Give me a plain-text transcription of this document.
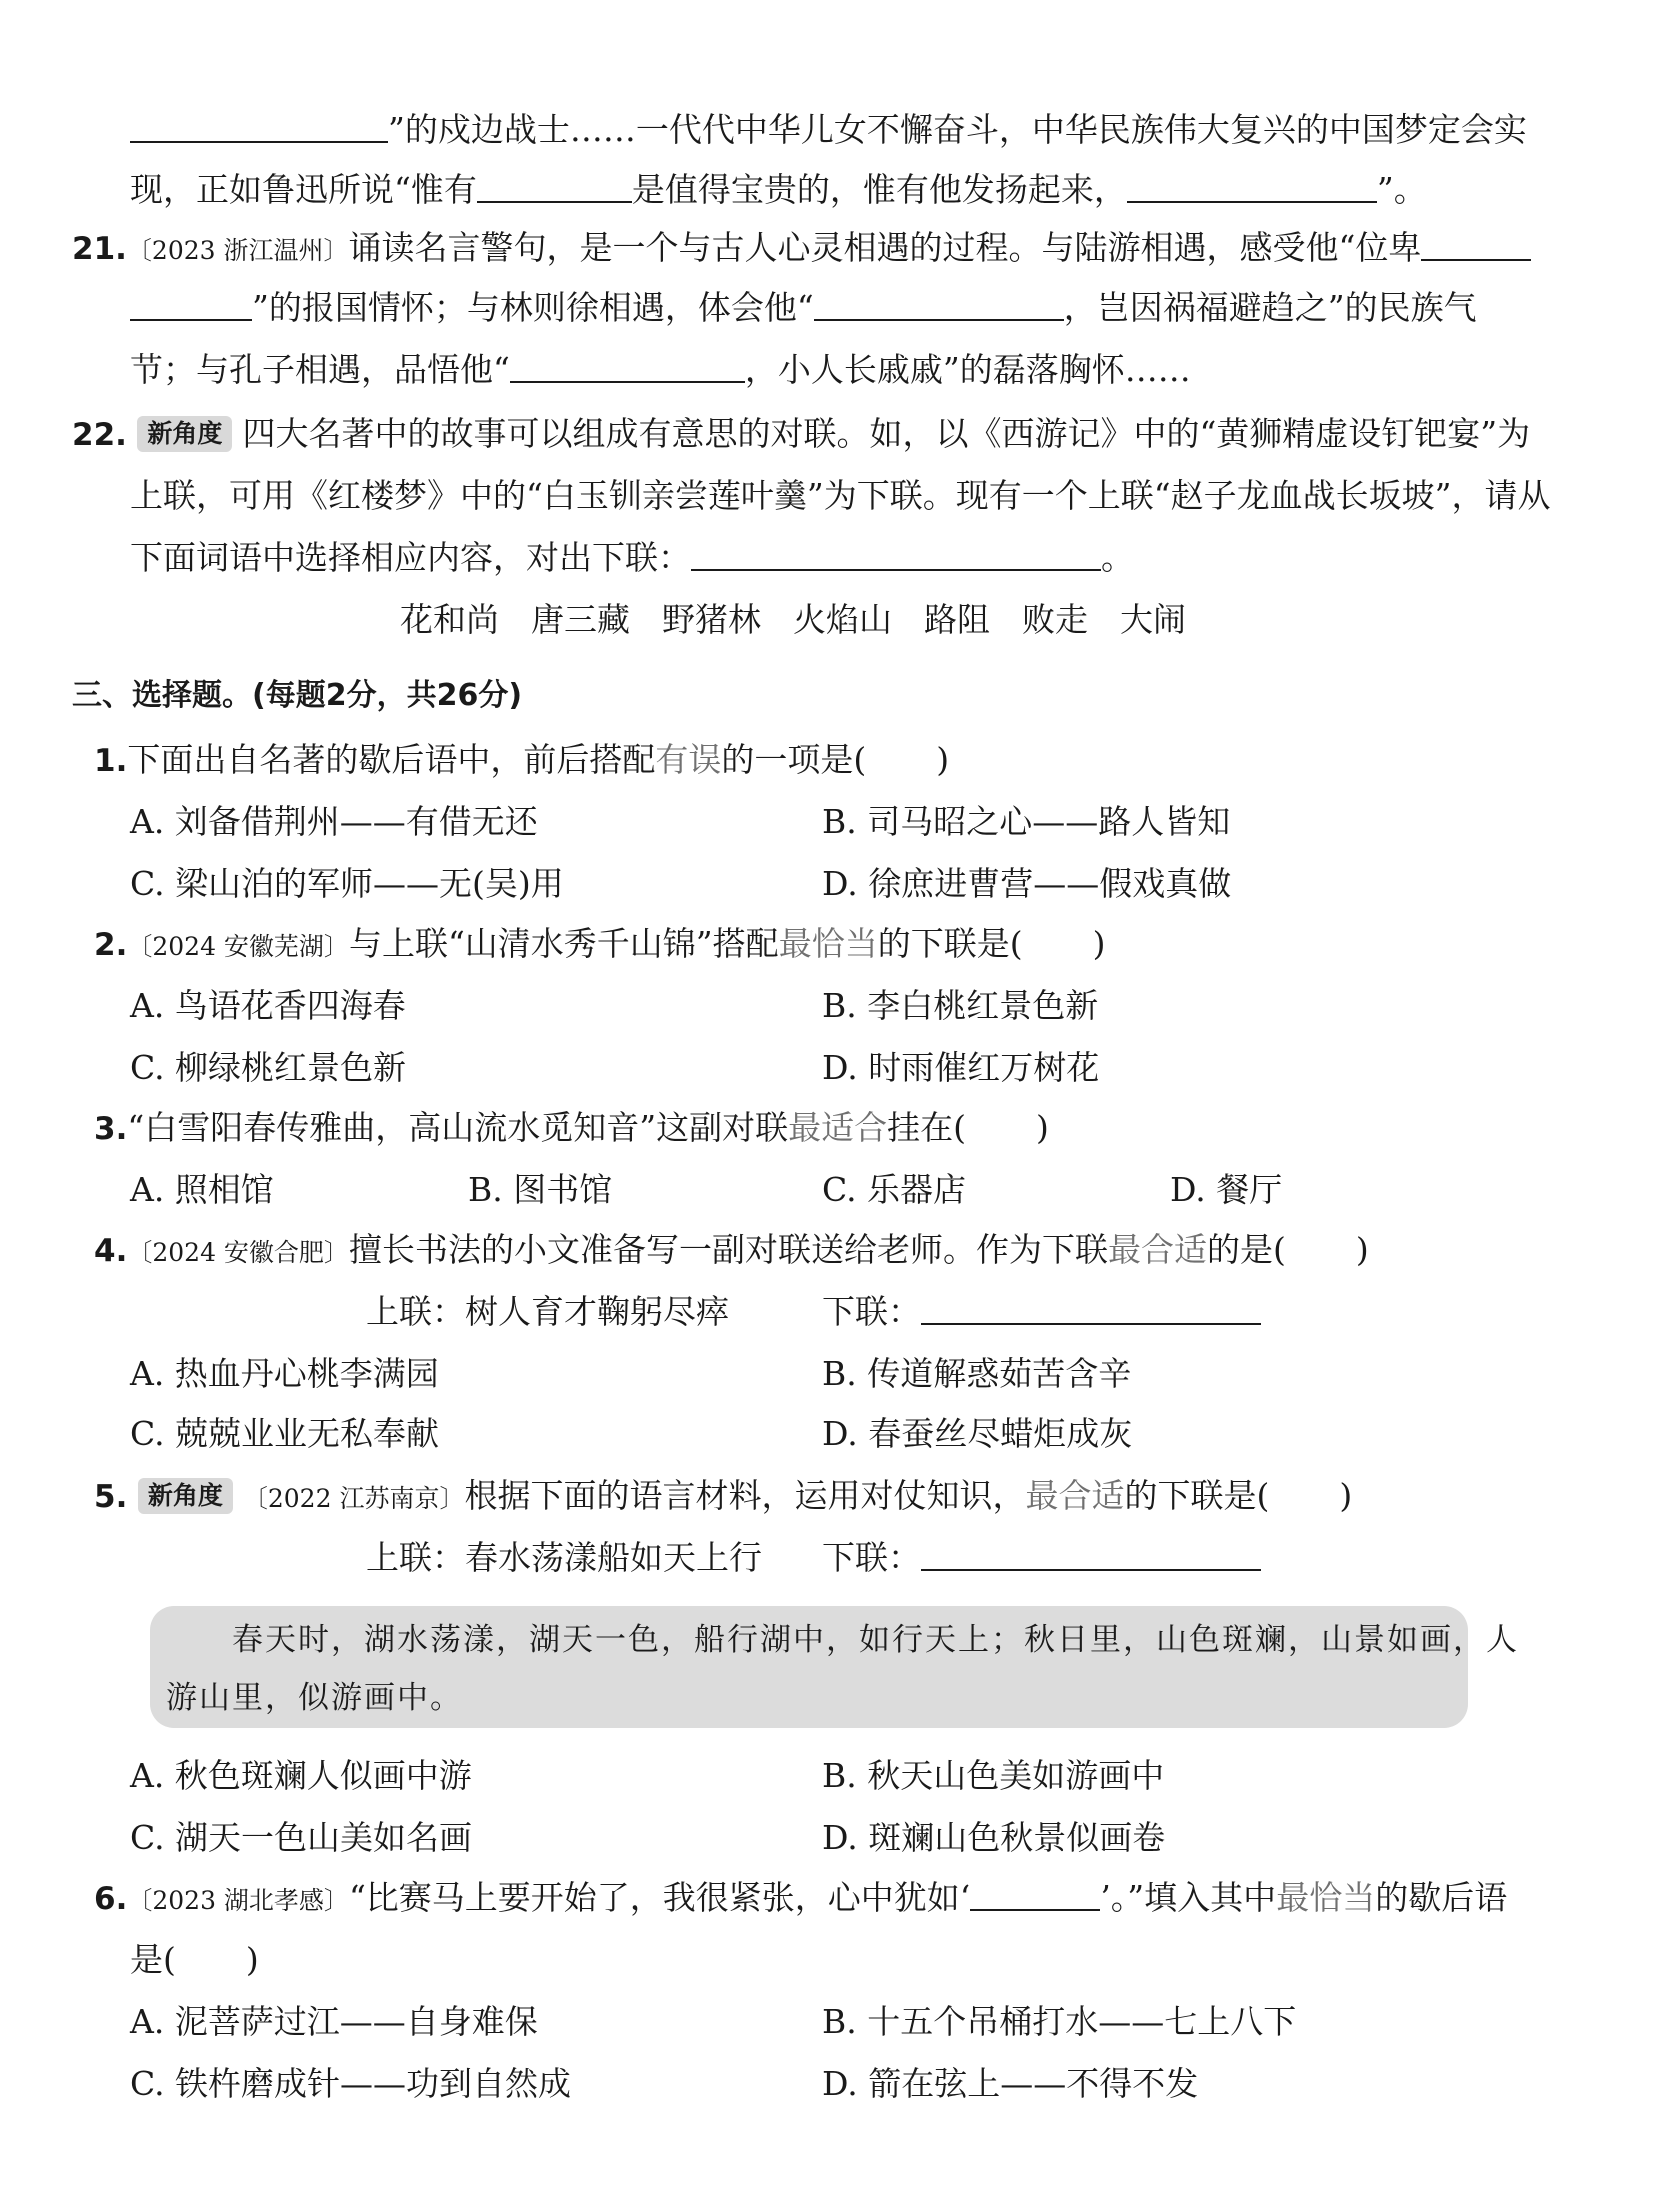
”的戍边战士……一代代中华儿女不懈奋斗，中华民族伟大复兴的中国梦定会实
现，正如鲁迅所说“惟有	是值得宝贵的，惟有他发扬起来，	”。
21.〔2023 浙江温州〕诵读名言警句，是一个与古人心灵相遇的过程。与陆游相遇，感受他“位卑
”的报国情怀；与林则徐相遇，体会他“	，岂因祸福避趋之”的民族气
节；与孔子相遇，品悟他“	，小人长戚戚”的磊落胸怀……
22. 新角度 四大名著中的故事可以组成有意思的对联。如，以《西游记》中的“黄狮精虚设钉钯宴”为
上联，可用《红楼梦》中的“白玉钏亲尝莲叶羹”为下联。现有一个上联“赵子龙血战长坂坡”，请从
下面词语中选择相应内容，对出下联：	。
花和尚 唐三藏 野猪林 火焰山 路阻 败走 大闹
三、选择题。(每题2分，共26分)
1.下面出自名著的歇后语中，前后搭配有误的一项是( )
A. 刘备借荆州——有借无还	B. 司马昭之心——路人皆知
C. 梁山泊的军师——无(吴)用	D. 徐庶进曹营——假戏真做
2.〔2024 安徽芜湖〕与上联“山清水秀千山锦”搭配最恰当的下联是( )
A. 鸟语花香四海春	B. 李白桃红景色新
C. 柳绿桃红景色新	D. 时雨催红万树花
3.“白雪阳春传雅曲，高山流水觅知音”这副对联最适合挂在( )
A. 照相馆	B. 图书馆	C. 乐器店	D. 餐厅
4.〔2024 安徽合肥〕擅长书法的小文准备写一副对联送给老师。作为下联最合适的是( )
上联：树人育才鞠躬尽瘁	下联：
A. 热血丹心桃李满园	B. 传道解惑茹苦含辛
C. 兢兢业业无私奉献	D. 春蚕丝尽蜡炬成灰
5. 新角度 〔2022 江苏南京〕根据下面的语言材料，运用对仗知识，最合适的下联是( )
上联：春水荡漾船如天上行 下联：
春天时，湖水荡漾，湖天一色，船行湖中，如行天上；秋日里，山色斑斓，山景如画，人
游山里，似游画中。
A. 秋色斑斓人似画中游	B. 秋天山色美如游画中
C. 湖天一色山美如名画	D. 斑斓山色秋景似画卷
6.〔2023 湖北孝感〕“比赛马上要开始了，我很紧张，心中犹如‘	’。”填入其中最恰当的歇后语
是( )
A. 泥菩萨过江——自身难保	B. 十五个吊桶打水——七上八下
C. 铁杵磨成针——功到自然成	D. 箭在弦上——不得不发
